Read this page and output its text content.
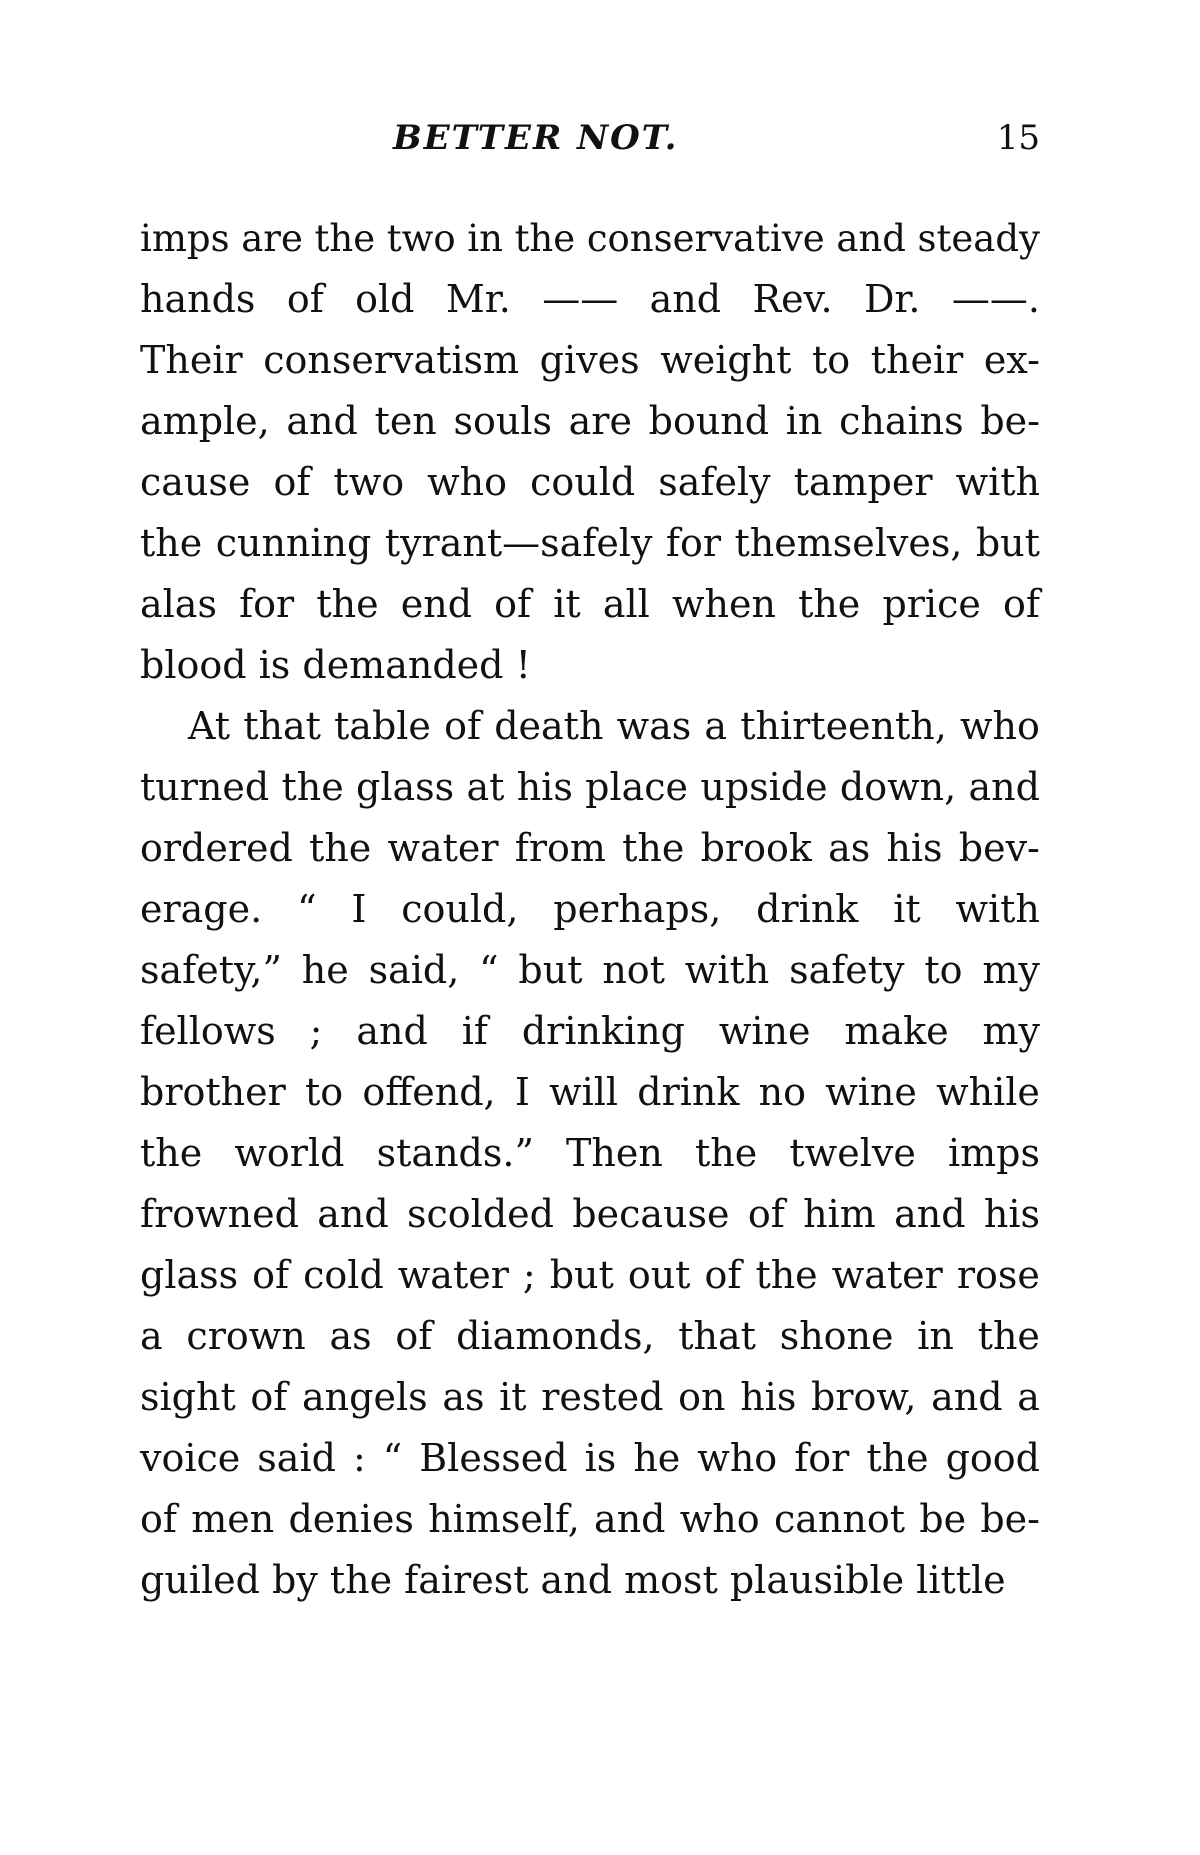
BETTER NOT.	15
imps are the two in the conservative and steady
hands of old Mr. —— and Rev. Dr. ——.
Their conservatism gives weight to their ex-
ample, and ten souls are bound in chains be-
cause of two who could safely tamper with
the cunning tyrant—safely for themselves, but
alas for the end of it all when the price of
blood is demanded !
At that table of death was a thirteenth, who
turned the glass at his place upside down, and
ordered the water from the brook as his bev-
erage. “ I could, perhaps, drink it with
safety,” he said, “ but not with safety to my
fellows ; and if drinking wine make my
brother to offend, I will drink no wine while
the world stands.” Then the twelve imps
frowned and scolded because of him and his
glass of cold water ; but out of the water rose
a crown as of diamonds, that shone in the
sight of angels as it rested on his brow, and a
voice said : “ Blessed is he who for the good
of men denies himself, and who cannot be be-
guiled by the fairest and most plausible little
